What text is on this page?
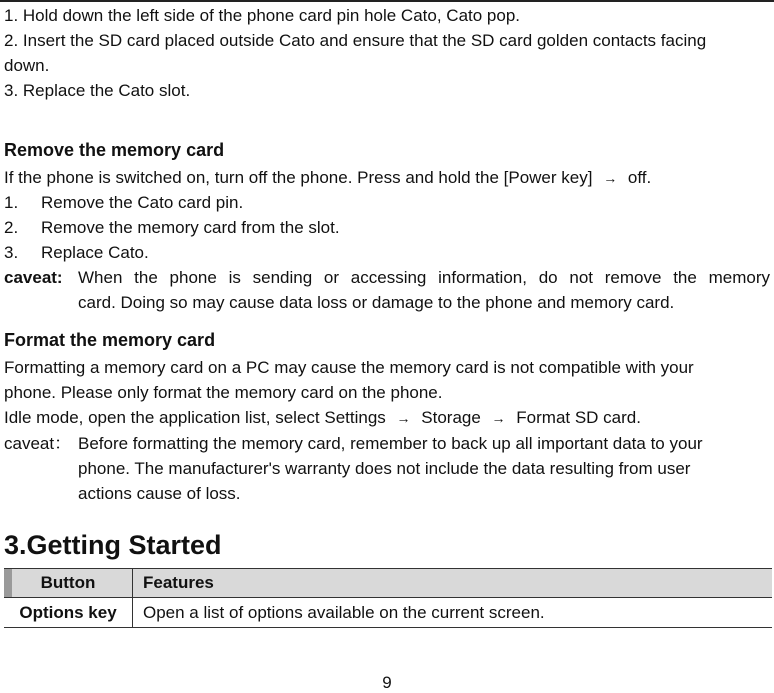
1. Hold down the left side of the phone card pin hole Cato, Cato pop.
2. Insert the SD card placed outside Cato and ensure that the SD card golden contacts facing
down.
3. Replace the Cato slot.
Remove the memory card
If the phone is switched on, turn off the phone. Press and hold the [Power key] → off.
1. Remove the Cato card pin.
2. Remove the memory card from the slot.
3. Replace Cato.
caveat: When the phone is sending or accessing information, do not remove the memory
card. Doing so may cause data loss or damage to the phone and memory card.
Format the memory card
Formatting a memory card on a PC may cause the memory card is not compatible with your
phone. Please only format the memory card on the phone.
Idle mode, open the application list, select Settings → Storage → Format SD card.
caveat： Before formatting the memory card, remember to back up all important data to your
phone. The manufacturer's warranty does not include the data resulting from user
actions cause of loss.
3.Getting Started
Button	Features
Options key	Open a list of options available on the current screen.
9
